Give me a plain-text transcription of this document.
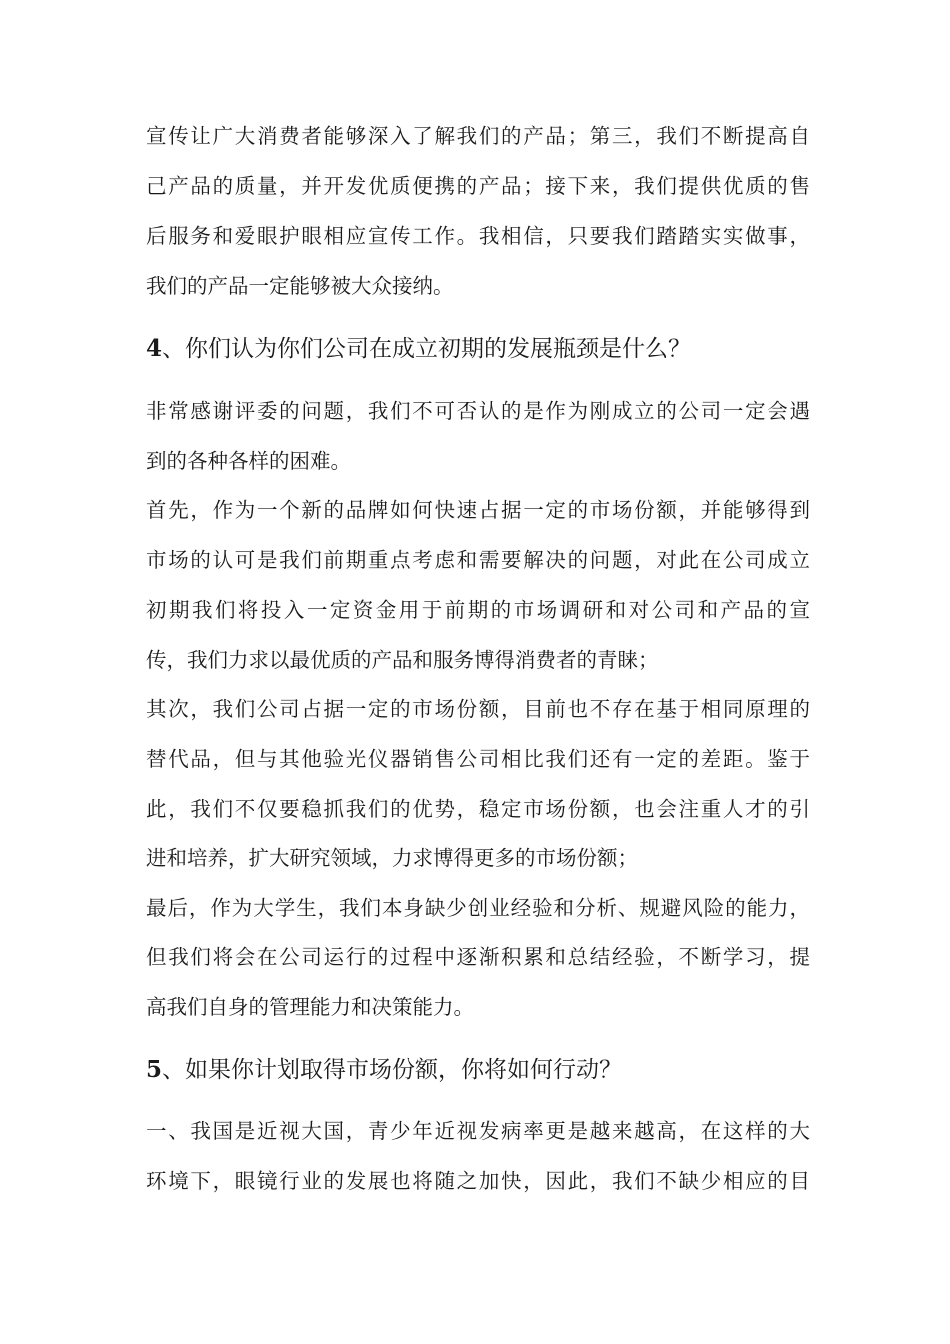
宣传让广大消费者能够深入了解我们的产品；第三，我们不断提高自
己产品的质量，并开发优质便携的产品；接下来，我们提供优质的售
后服务和爱眼护眼相应宣传工作。我相信，只要我们踏踏实实做事，
我们的产品一定能够被大众接纳。
4、你们认为你们公司在成立初期的发展瓶颈是什么？
非常感谢评委的问题，我们不可否认的是作为刚成立的公司一定会遇
到的各种各样的困难。
首先，作为一个新的品牌如何快速占据一定的市场份额，并能够得到
市场的认可是我们前期重点考虑和需要解决的问题，对此在公司成立
初期我们将投入一定资金用于前期的市场调研和对公司和产品的宣
传，我们力求以最优质的产品和服务博得消费者的青睐；
其次，我们公司占据一定的市场份额，目前也不存在基于相同原理的
替代品，但与其他验光仪器销售公司相比我们还有一定的差距。鉴于
此，我们不仅要稳抓我们的优势，稳定市场份额，也会注重人才的引
进和培养，扩大研究领域，力求博得更多的市场份额；
最后，作为大学生，我们本身缺少创业经验和分析、规避风险的能力，
但我们将会在公司运行的过程中逐渐积累和总结经验，不断学习，提
高我们自身的管理能力和决策能力。
5、如果你计划取得市场份额，你将如何行动？
一、我国是近视大国，青少年近视发病率更是越来越高，在这样的大
环境下，眼镜行业的发展也将随之加快，因此，我们不缺少相应的目
